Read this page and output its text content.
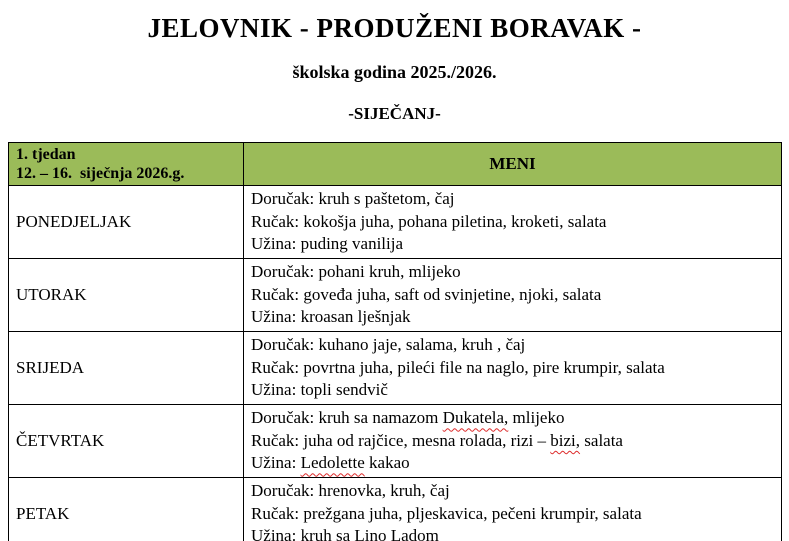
JELOVNIK - PRODUŽENI BORAVAK -
školska godina 2025./2026.
-SIJEČANJ-
1. tjedan
12. – 16.  siječnja 2026.g.	MENI
PONEDJELJAK	Doručak: kruh s paštetom, čaj
Ručak: kokošja juha, pohana piletina, kroketi, salata
Užina: puding vanilija

UTORAK	Doručak: pohani kruh, mlijeko
Ručak: goveđa juha, saft od svinjetine, njoki, salata
Užina: kroasan lješnjak

SRIJEDA	Doručak: kuhano jaje, salama, kruh , čaj
Ručak: povrtna juha, pileći file na naglo, pire krumpir, salata
Užina: topli sendvič

ČETVRTAK	Doručak: kruh sa namazom Dukatela, mlijeko
Ručak: juha od rajčice, mesna rolada, rizi – bizi, salata
Užina: Ledolette kakao

PETAK	Doručak: hrenovka, kruh, čaj
Ručak: prežgana juha, pljeskavica, pečeni krumpir, salata
Užina: kruh sa Lino Ladom
